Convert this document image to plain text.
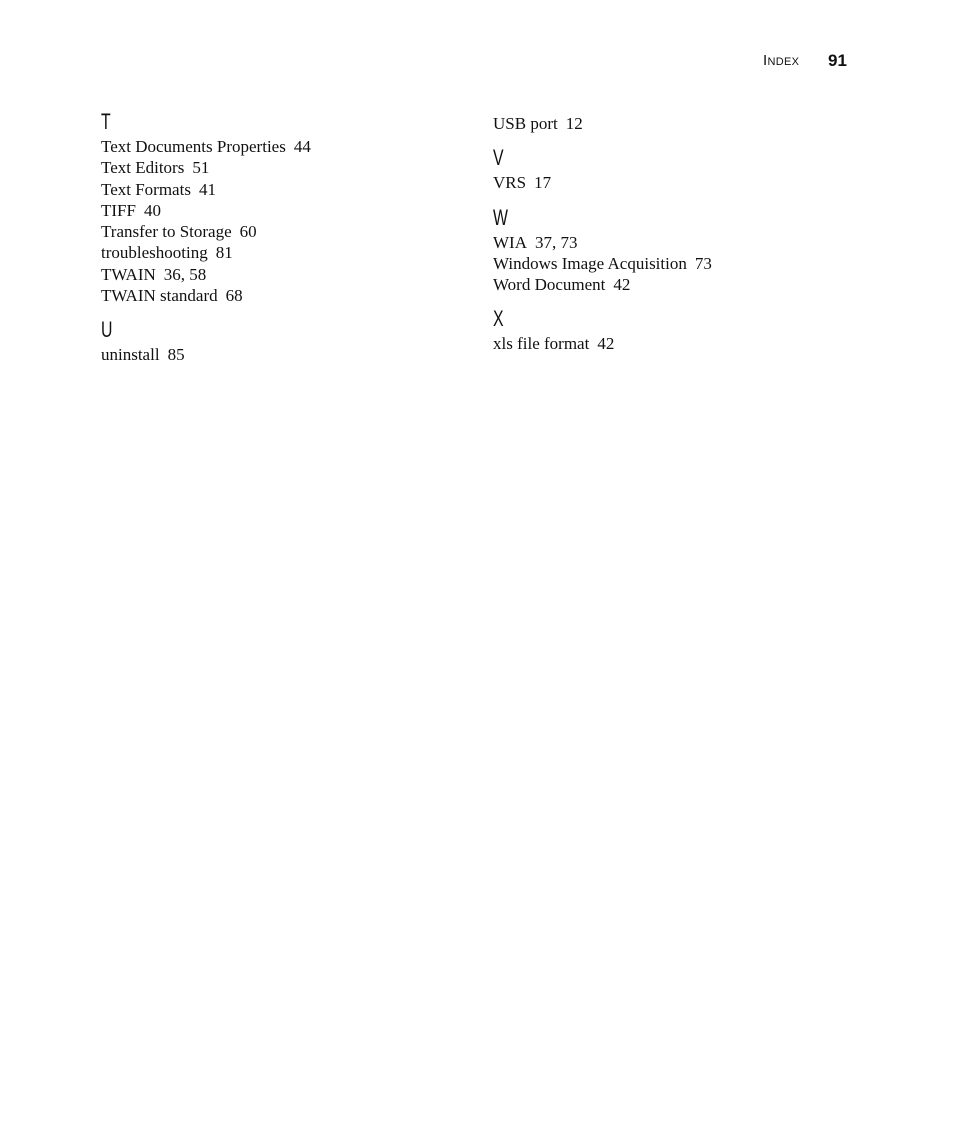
Index 91
T
Text Documents Properties 44
Text Editors 51
Text Formats 41
TIFF 40
Transfer to Storage 60
troubleshooting 81
TWAIN 36, 58
TWAIN standard 68
U
uninstall 85
USB port 12
V
VRS 17
W
WIA 37, 73
Windows Image Acquisition 73
Word Document 42
X
xls file format 42
